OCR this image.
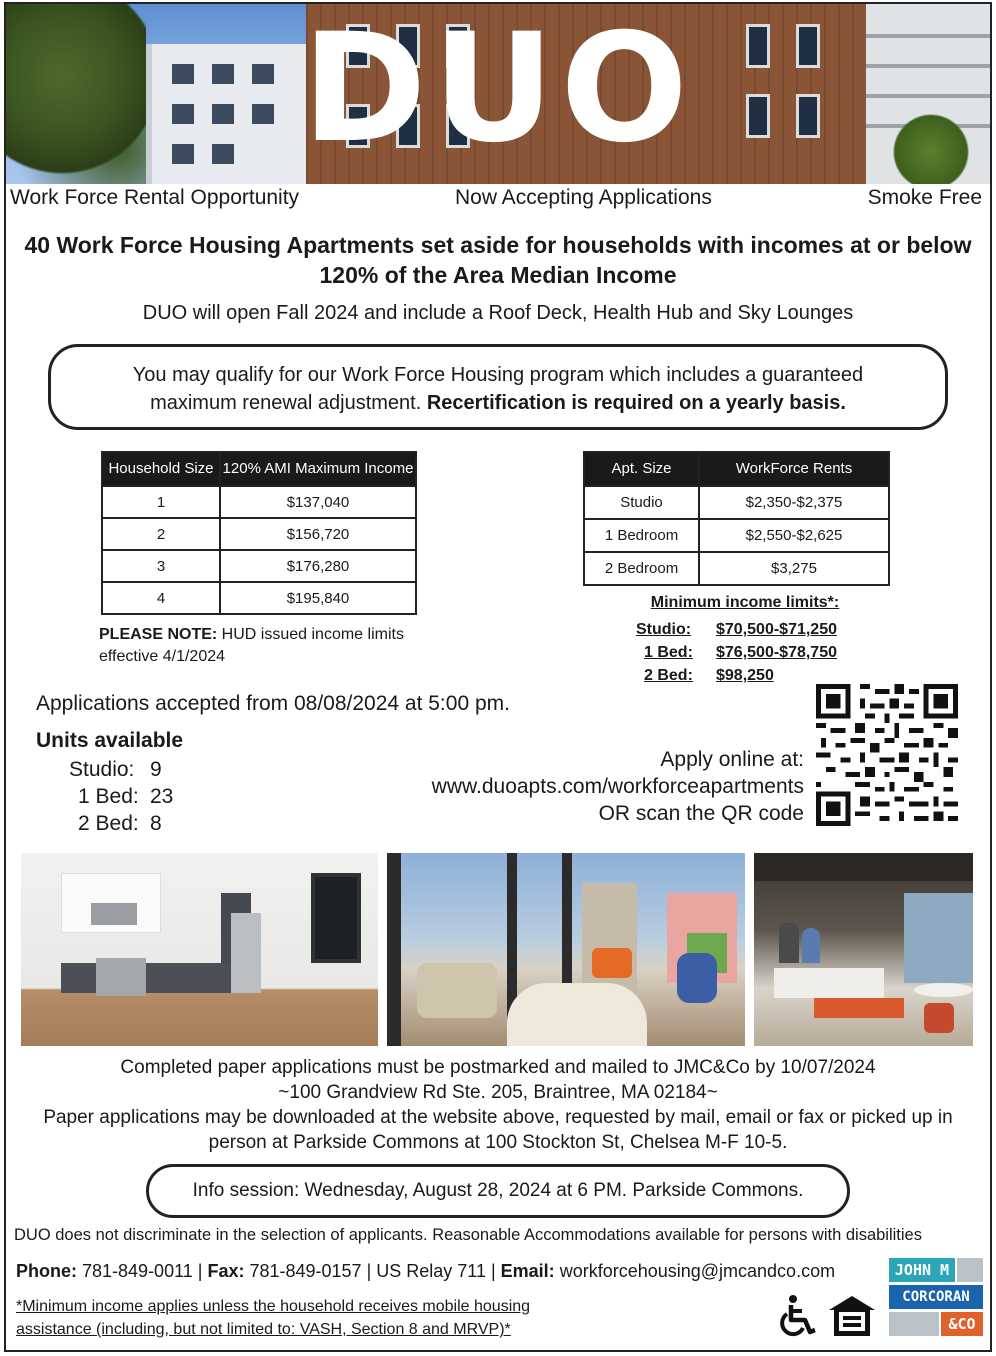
DUO
Work Force Rental Opportunity	Now Accepting Applications	Smoke Free
40 Work Force Housing Apartments set aside for households with incomes at or below
120% of the Area Median Income
DUO will open Fall 2024 and include a Roof Deck, Health Hub and Sky Lounges
You may qualify for our Work Force Housing program which includes a guaranteed
maximum renewal adjustment. Recertification is required on a yearly basis.
Household Size	120% AMI Maximum Income
1	$137,040
2	$156,720
3	$176,280
4	$195,840
Apt. Size	WorkForce Rents
Studio	$2,350-$2,375
1 Bedroom	$2,550-$2,625
2 Bedroom	$3,275
PLEASE NOTE: HUD issued income limits effective 4/1/2024
Minimum income limits*:
Studio: $70,500-$71,250
1 Bed: $76,500-$78,750
2 Bed: $98,250
Applications accepted from 08/08/2024 at 5:00 pm.
Units available
Studio: 9
1 Bed: 23
2 Bed: 8
Apply online at:
www.duoapts.com/workforceapartments
OR scan the QR code
Completed paper applications must be postmarked and mailed to JMC&Co by 10/07/2024
~100 Grandview Rd Ste. 205, Braintree, MA 02184~
Paper applications may be downloaded at the website above, requested by mail, email or fax or picked up in
person at Parkside Commons at 100 Stockton St, Chelsea M-F 10-5.
Info session: Wednesday, August 28, 2024 at 6 PM. Parkside Commons.
DUO does not discriminate in the selection of applicants. Reasonable Accommodations available for persons with disabilities
Phone: 781-849-0011 | Fax: 781-849-0157 | US Relay 711 | Email: workforcehousing@jmcandco.com
*Minimum income applies unless the household receives mobile housing
assistance (including, but not limited to: VASH, Section 8 and MRVP)*
JOHN M
CORCORAN
&CO
